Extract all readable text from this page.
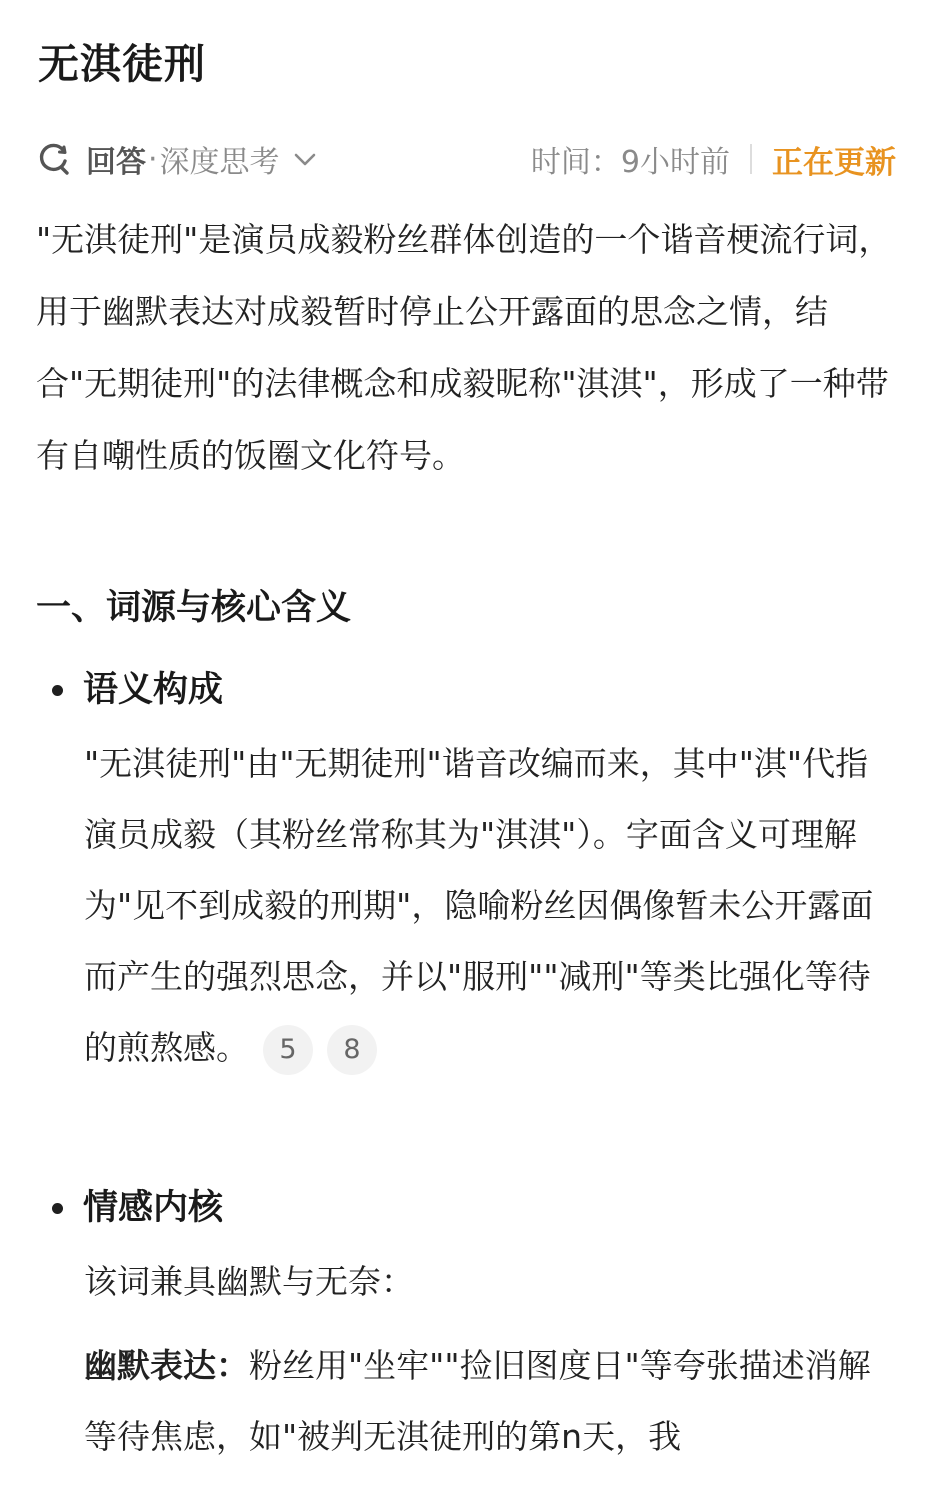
无淇徒刑
回答 · 深度思考	时间：9小时前 正在更新
"无淇徒刑"是演员成毅粉丝群体创造的一个谐音梗流行词，用于幽默表达对成毅暂时停止公开露面的思念之情，结合"无期徒刑"的法律概念和成毅昵称"淇淇"，形成了一种带有自嘲性质的饭圈文化符号。
一、词源与核心含义
语义构成
"无淇徒刑"由"无期徒刑"谐音改编而来，其中"淇"代指演员成毅（其粉丝常称其为"淇淇"）。字面含义可理解为"见不到成毅的刑期"，隐喻粉丝因偶像暂未公开露面而产生的强烈思念，并以"服刑""减刑"等类比强化等待的煎熬感。 5 8
情感内核
该词兼具幽默与无奈：
幽默表达：粉丝用"坐牢""捡旧图度日"等夸张描述消解等待焦虑，如"被判无淇徒刑的第n天，我
